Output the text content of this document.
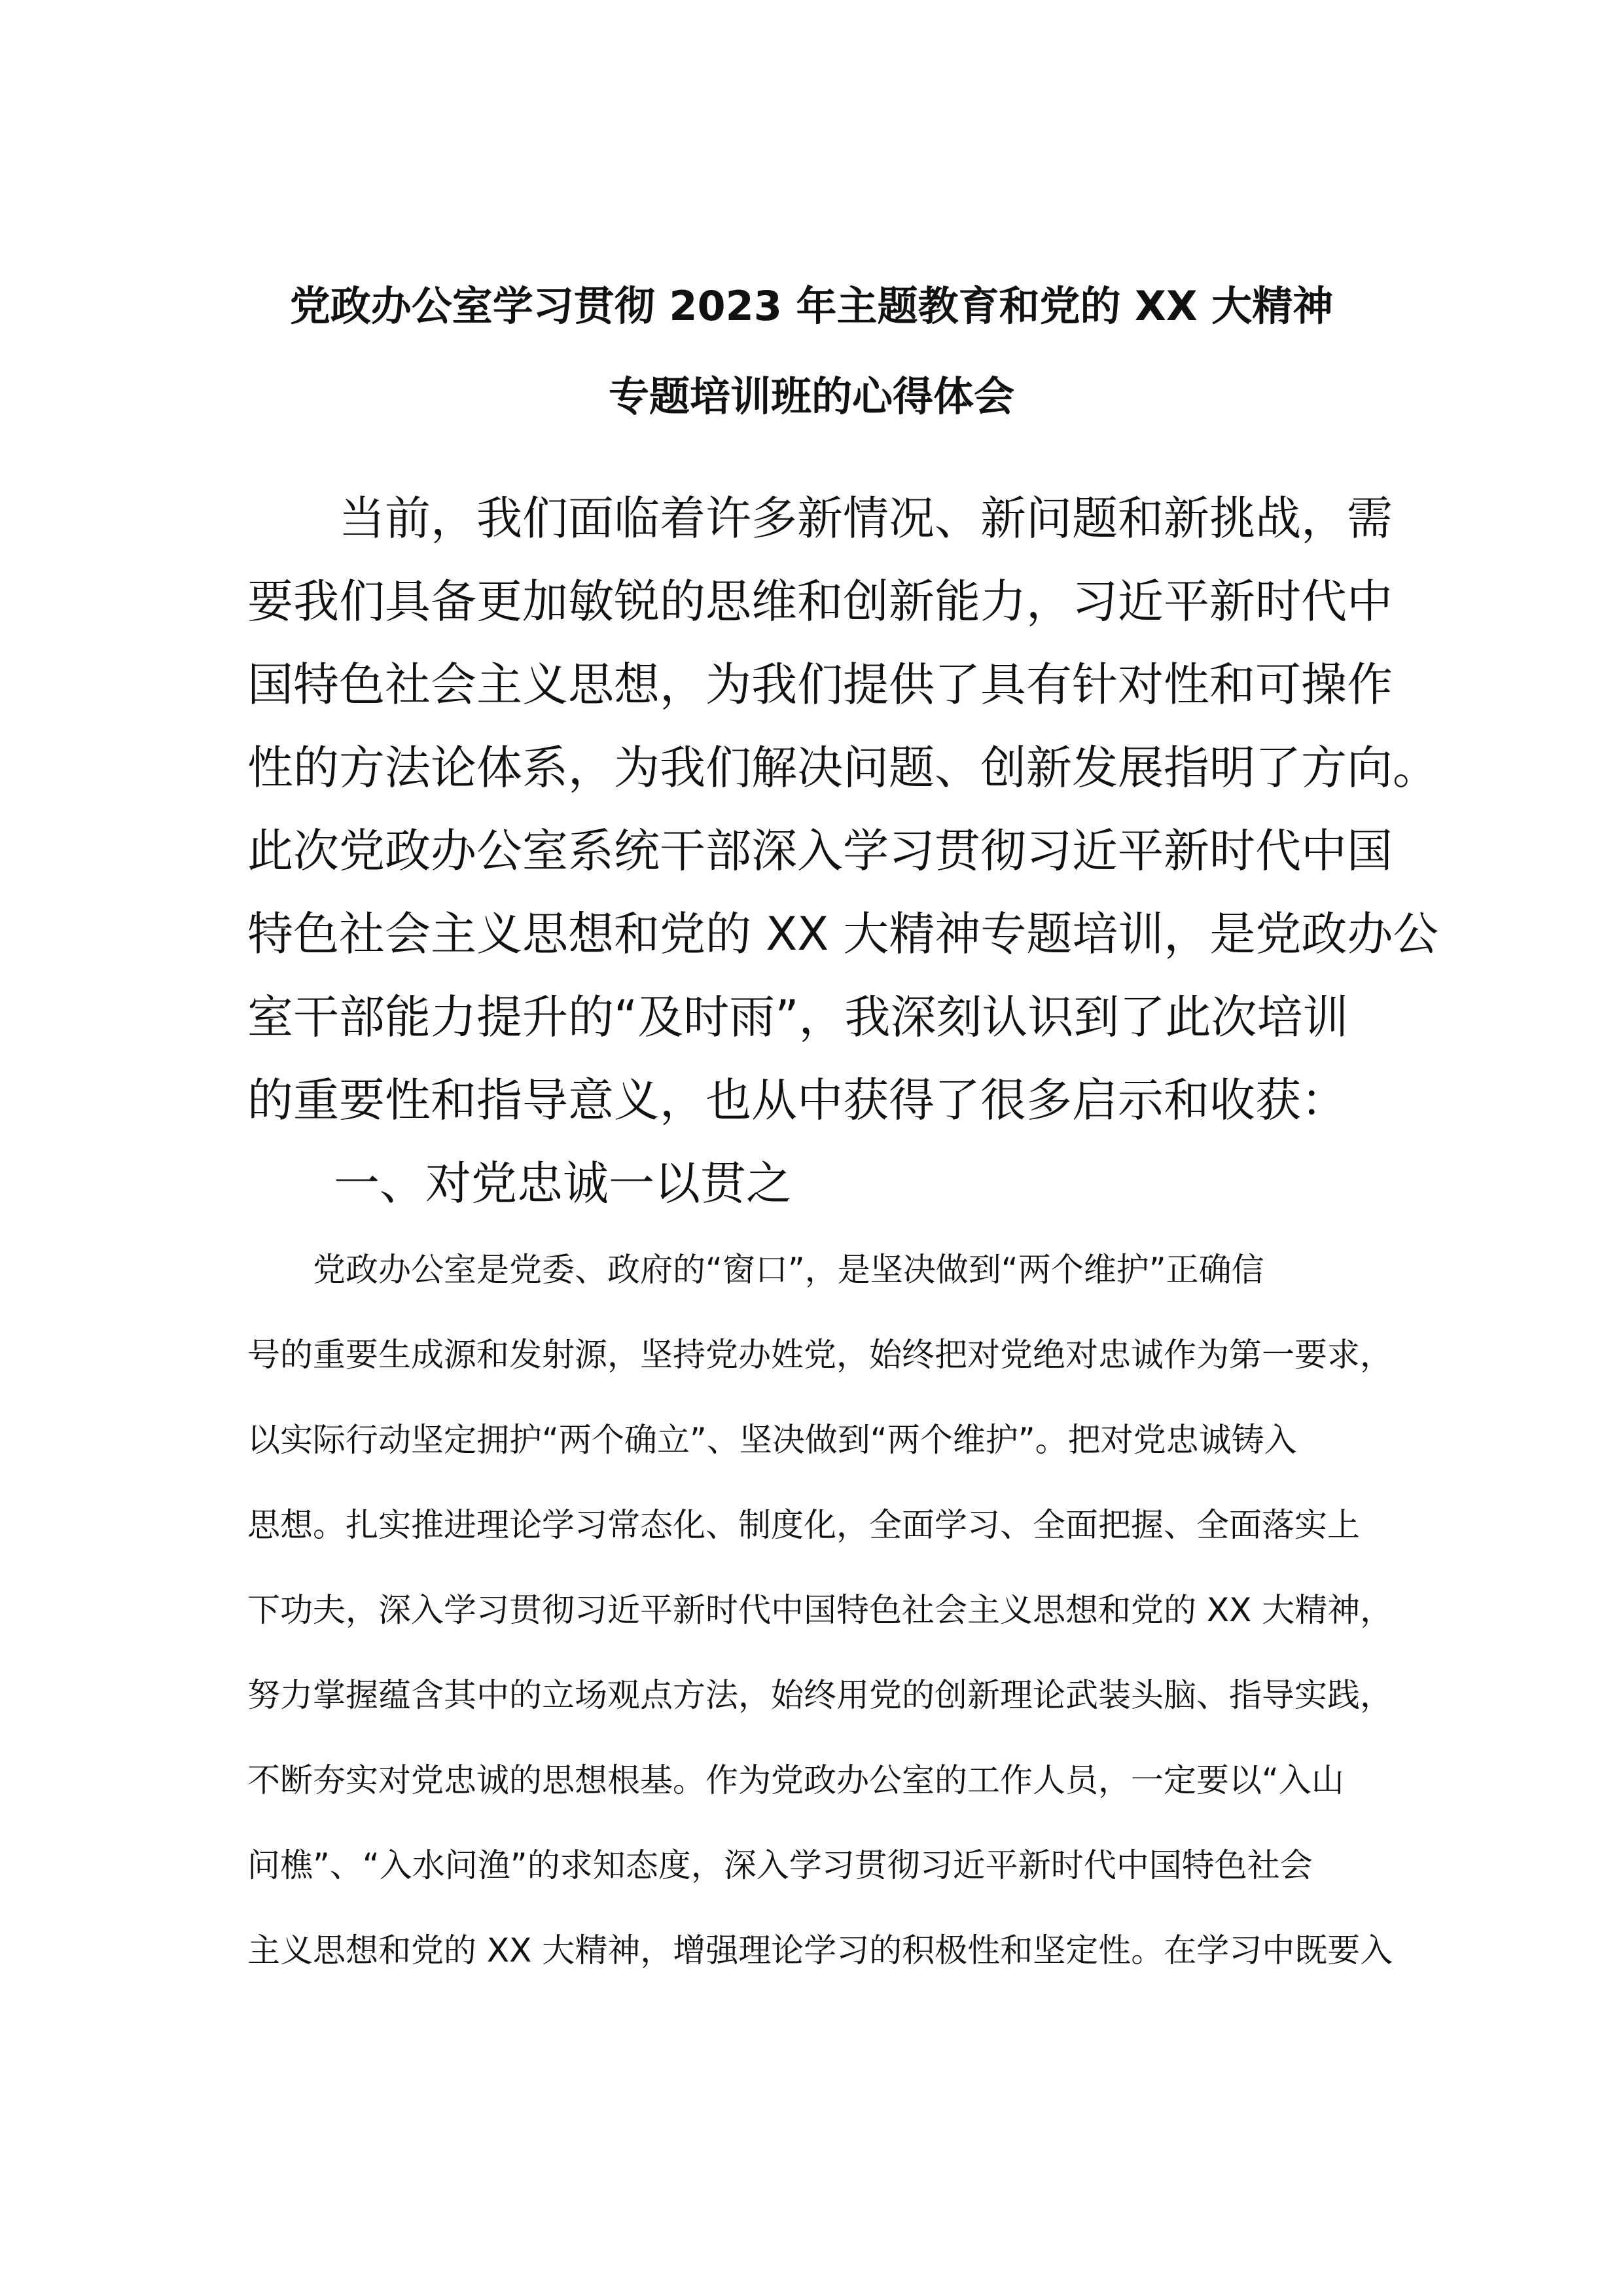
党政办公室学习贯彻 2023 年主题教育和党的 XX 大精神
专题培训班的心得体会
　　当前，我们面临着许多新情况、新问题和新挑战，需
要我们具备更加敏锐的思维和创新能力，习近平新时代中
国特色社会主义思想，为我们提供了具有针对性和可操作
性的方法论体系，为我们解决问题、创新发展指明了方向。
此次党政办公室系统干部深入学习贯彻习近平新时代中国
特色社会主义思想和党的 XX 大精神专题培训，是党政办公
室干部能力提升的“及时雨”，我深刻认识到了此次培训
的重要性和指导意义，也从中获得了很多启示和收获：
一、对党忠诚一以贯之
　　党政办公室是党委、政府的“窗口”，是坚决做到“两个维护”正确信
号的重要生成源和发射源，坚持党办姓党，始终把对党绝对忠诚作为第一要求，
以实际行动坚定拥护“两个确立”、坚决做到“两个维护”。把对党忠诚铸入
思想。扎实推进理论学习常态化、制度化，全面学习、全面把握、全面落实上
下功夫，深入学习贯彻习近平新时代中国特色社会主义思想和党的 XX 大精神，
努力掌握蕴含其中的立场观点方法，始终用党的创新理论武装头脑、指导实践，
不断夯实对党忠诚的思想根基。作为党政办公室的工作人员，一定要以“入山
问樵”、“入水问渔”的求知态度，深入学习贯彻习近平新时代中国特色社会
主义思想和党的 XX 大精神，增强理论学习的积极性和坚定性。在学习中既要入
